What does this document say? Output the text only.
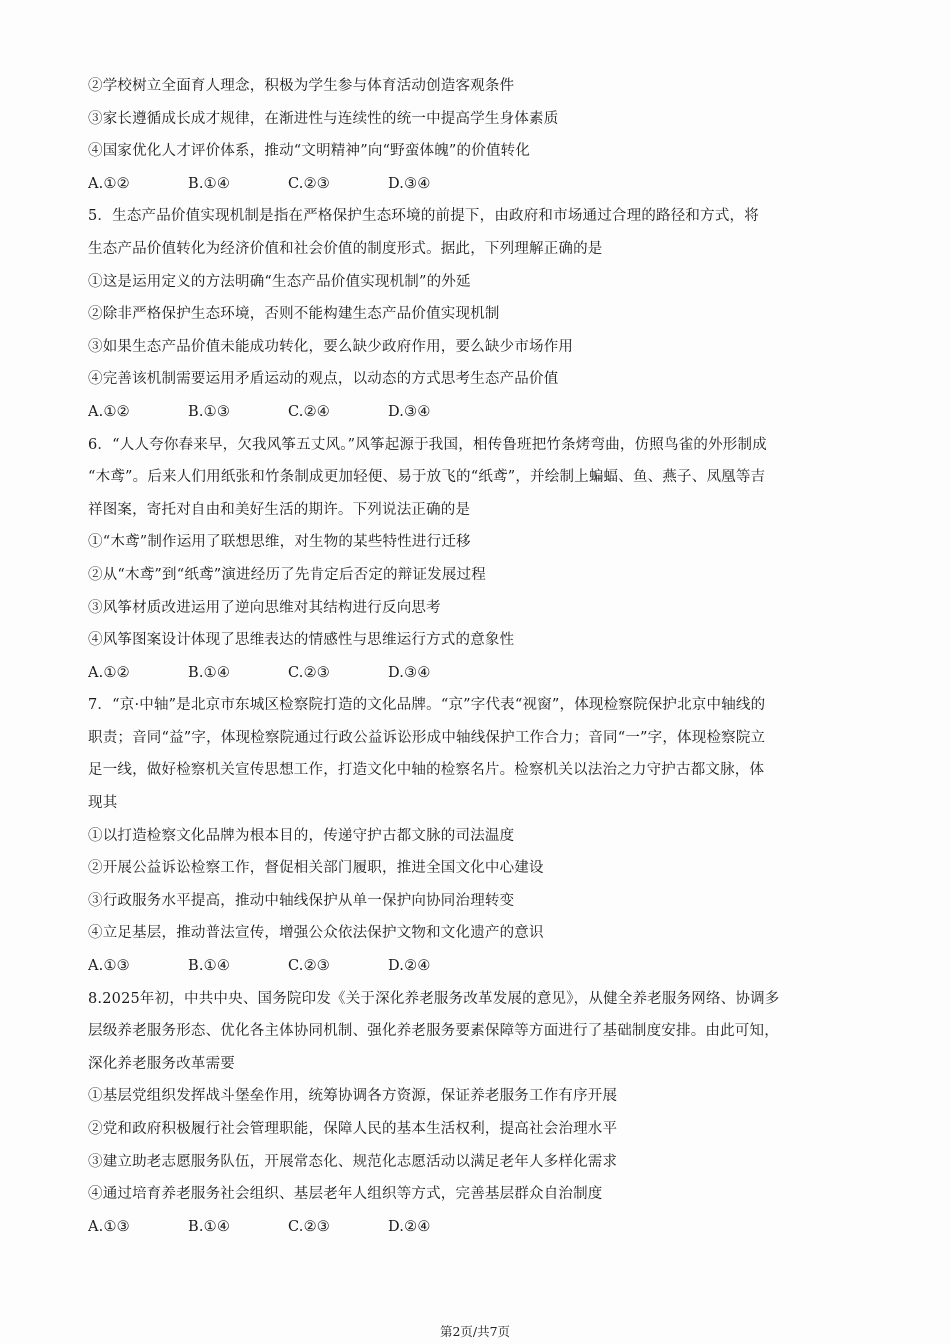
②学校树立全面育人理念，积极为学生参与体育活动创造客观条件
③家长遵循成长成才规律，在渐进性与连续性的统一中提高学生身体素质
④国家优化人才评价体系，推动“文明精神”向“野蛮体魄”的价值转化
A.①②	B.①④	C.②③	D.③④
5．生态产品价值实现机制是指在严格保护生态环境的前提下，由政府和市场通过合理的路径和方式，将
生态产品价值转化为经济价值和社会价值的制度形式。据此，下列理解正确的是
①这是运用定义的方法明确“生态产品价值实现机制”的外延
②除非严格保护生态环境，否则不能构建生态产品价值实现机制
③如果生态产品价值未能成功转化，要么缺少政府作用，要么缺少市场作用
④完善该机制需要运用矛盾运动的观点，以动态的方式思考生态产品价值
A.①②	B.①③	C.②④	D.③④
6．“人人夸你春来早，欠我风筝五丈风。”风筝起源于我国，相传鲁班把竹条烤弯曲，仿照鸟雀的外形制成
“木鸢”。后来人们用纸张和竹条制成更加轻便、易于放飞的“纸鸢”，并绘制上蝙蝠、鱼、燕子、凤凰等吉
祥图案，寄托对自由和美好生活的期许。下列说法正确的是
①“木鸢”制作运用了联想思维，对生物的某些特性进行迁移
②从“木鸢”到“纸鸢”演进经历了先肯定后否定的辩证发展过程
③风筝材质改进运用了逆向思维对其结构进行反向思考
④风筝图案设计体现了思维表达的情感性与思维运行方式的意象性
A.①②	B.①④	C.②③	D.③④
7．“京·中轴”是北京市东城区检察院打造的文化品牌。“京”字代表“视窗”，体现检察院保护北京中轴线的
职责；音同“益”字，体现检察院通过行政公益诉讼形成中轴线保护工作合力；音同“一”字，体现检察院立
足一线，做好检察机关宣传思想工作，打造文化中轴的检察名片。检察机关以法治之力守护古都文脉，体
现其
①以打造检察文化品牌为根本目的，传递守护古都文脉的司法温度
②开展公益诉讼检察工作，督促相关部门履职，推进全国文化中心建设
③行政服务水平提高，推动中轴线保护从单一保护向协同治理转变
④立足基层，推动普法宣传，增强公众依法保护文物和文化遗产的意识
A.①③	B.①④	C.②③	D.②④
8.2025年初，中共中央、国务院印发《关于深化养老服务改革发展的意见》，从健全养老服务网络、协调多
层级养老服务形态、优化各主体协同机制、强化养老服务要素保障等方面进行了基础制度安排。由此可知，
深化养老服务改革需要
①基层党组织发挥战斗堡垒作用，统筹协调各方资源，保证养老服务工作有序开展
②党和政府积极履行社会管理职能，保障人民的基本生活权利，提高社会治理水平
③建立助老志愿服务队伍，开展常态化、规范化志愿活动以满足老年人多样化需求
④通过培育养老服务社会组织、基层老年人组织等方式，完善基层群众自治制度
A.①③	B.①④	C.②③	D.②④
第2页/共7页
